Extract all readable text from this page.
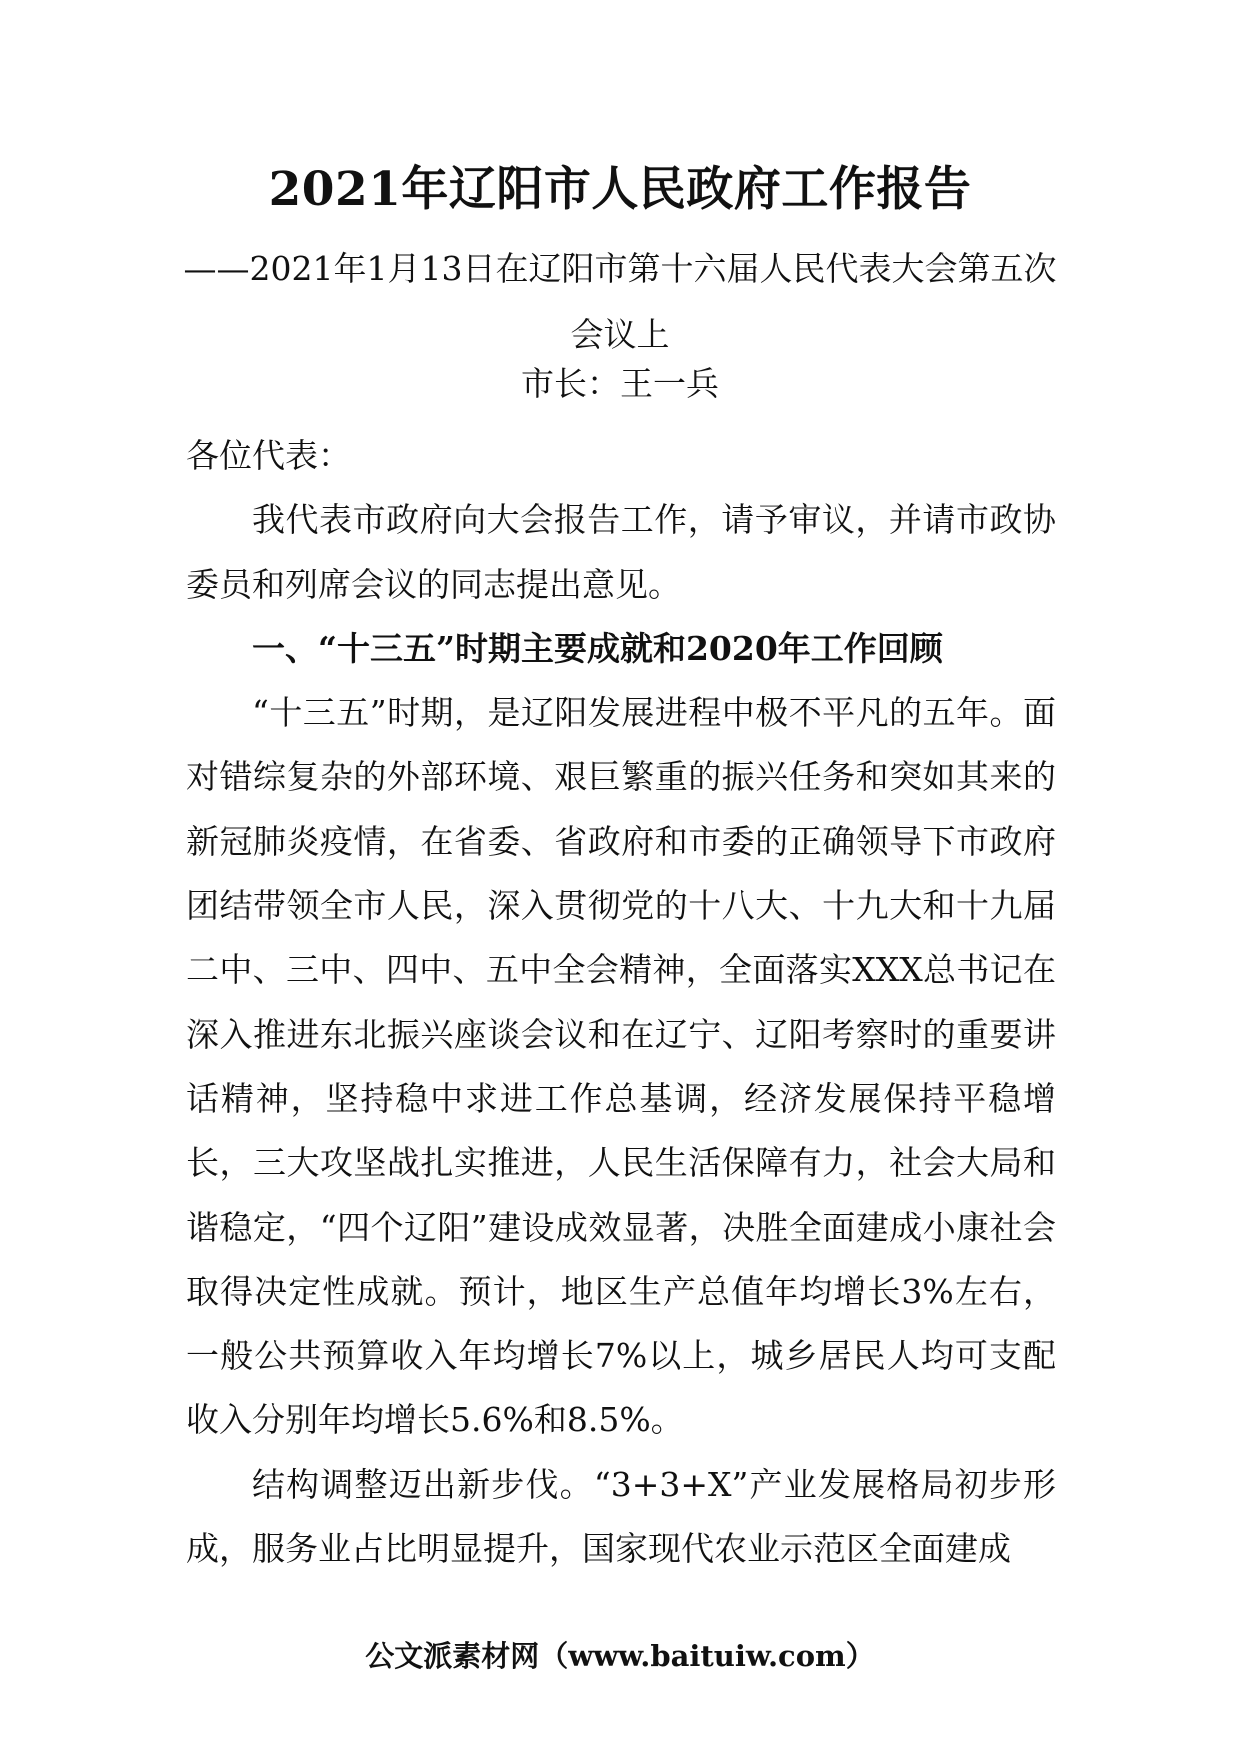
2021年辽阳市人民政府工作报告
——2021年1月13日在辽阳市第十六届人民代表大会第五次会议上
市长：王一兵

各位代表：

我代表市政府向大会报告工作，请予审议，并请市政协委员和列席会议的同志提出意见。

一、“十三五”时期主要成就和2020年工作回顾

“十三五”时期，是辽阳发展进程中极不平凡的五年。面对错综复杂的外部环境、艰巨繁重的振兴任务和突如其来的新冠肺炎疫情，在省委、省政府和市委的正确领导下市政府团结带领全市人民，深入贯彻党的十八大、十九大和十九届二中、三中、四中、五中全会精神，全面落实XXX总书记在深入推进东北振兴座谈会议和在辽宁、辽阳考察时的重要讲话精神，坚持稳中求进工作总基调，经济发展保持平稳增长，三大攻坚战扎实推进，人民生活保障有力，社会大局和谐稳定，“四个辽阳”建设成效显著，决胜全面建成小康社会取得决定性成就。预计，地区生产总值年均增长3%左右，一般公共预算收入年均增长7%以上，城乡居民人均可支配收入分别年均增长5.6%和8.5%。

结构调整迈出新步伐。“3+3+X”产业发展格局初步形成，服务业占比明显提升，国家现代农业示范区全面建成

公文派素材网（www.baituiw.com）
